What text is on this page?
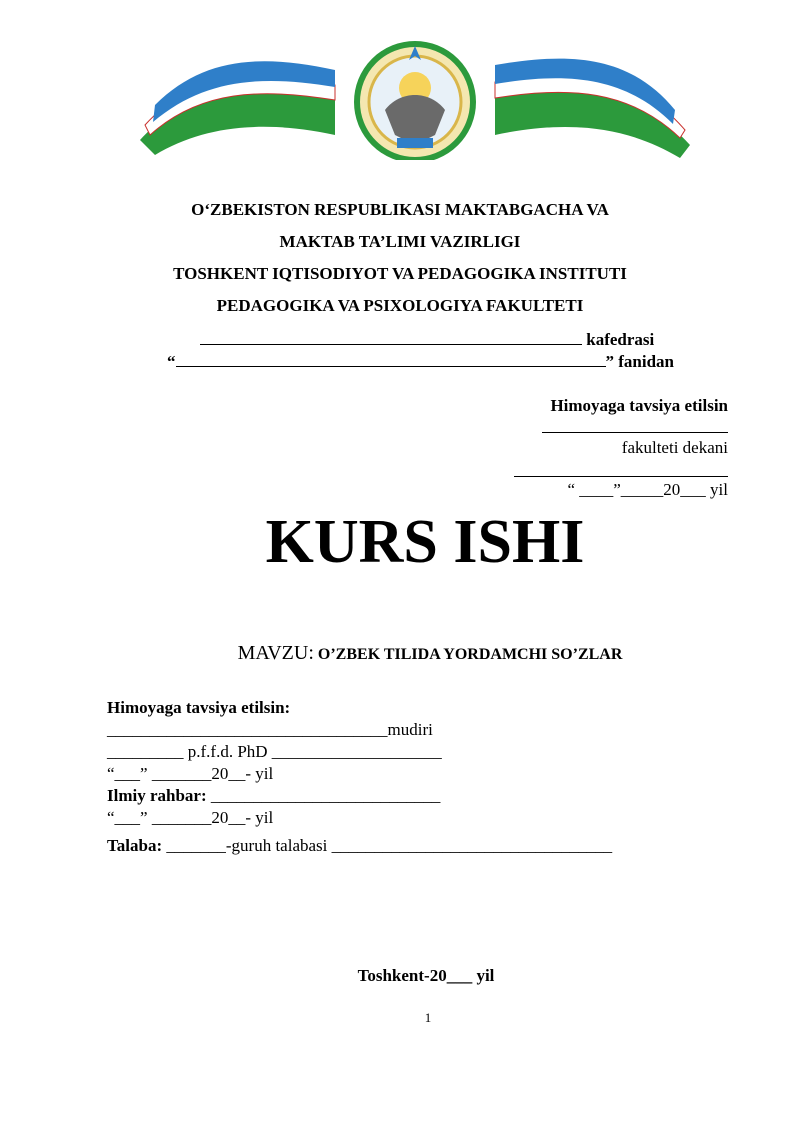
O‘ZBEKISTON RESPUBLIKASI MAKTABGACHA VA
MAKTAB TA’LIMI VAZIRLIGI
TOSHKENT IQTISODIYOT VA PEDAGOGIKA INSTITUTI
PEDAGOGIKA VA PSIXOLOGIYA FAKULTETI
kafedrasi
“	” fanidan
Himoyaga tavsiya etilsin
fakulteti dekani
“ ____”_____20___ yil
KURS ISHI
MAVZU: O’ZBEK TILIDA YORDAMCHI SO’ZLAR
Himoyaga tavsiya etilsin:
_________________________________mudiri
_________ p.f.f.d. PhD ____________________
“___” _______20__- yil
Ilmiy rahbar: ___________________________
“___” _______20__- yil
Talaba: _______-guruh talabasi _________________________________
Toshkent-20___ yil
1
